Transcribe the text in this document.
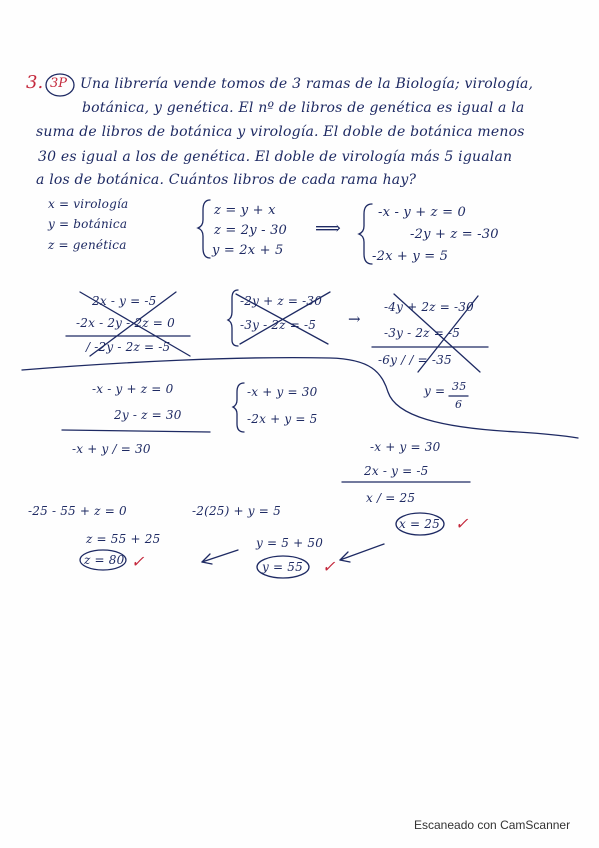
3. 3P Una librería vende tomos de 3 ramas de la Biología; virología,
botánica, y genética. El nº de libros de genética es igual a la
suma de libros de botánica y virología. El doble de botánica menos
30 es igual a los de genética. El doble de virología más 5 igualan
a los de botánica. Cuántos libros de cada rama hay?
x = virología
y = botánica
z = genética
z = y + x
z = 2y - 30
y = 2x + 5
⟹
-x - y + z = 0
-2y + z = -30
-2x + y = 5
2x - y = -5
-2x - 2y - 2z = 0
/ -2y - 2z = -5
-2y + z = -30
-3y - 2z = -5 →
-4y + 2z = -30
-3y - 2z = -5
-6y / / = -35
y = 35
6
-x - y + z = 0
2y - z = 30
-x + y / = 30
-x + y = 30
-2x + y = 5
-x + y = 30
2x - y = -5
x / = 25
-25 - 55 + z = 0
z = 55 + 25
z = 80 ✓
-2(25) + y = 5
y = 5 + 50
y = 55 ✓
x = 25 ✓
Escaneado con CamScanner
